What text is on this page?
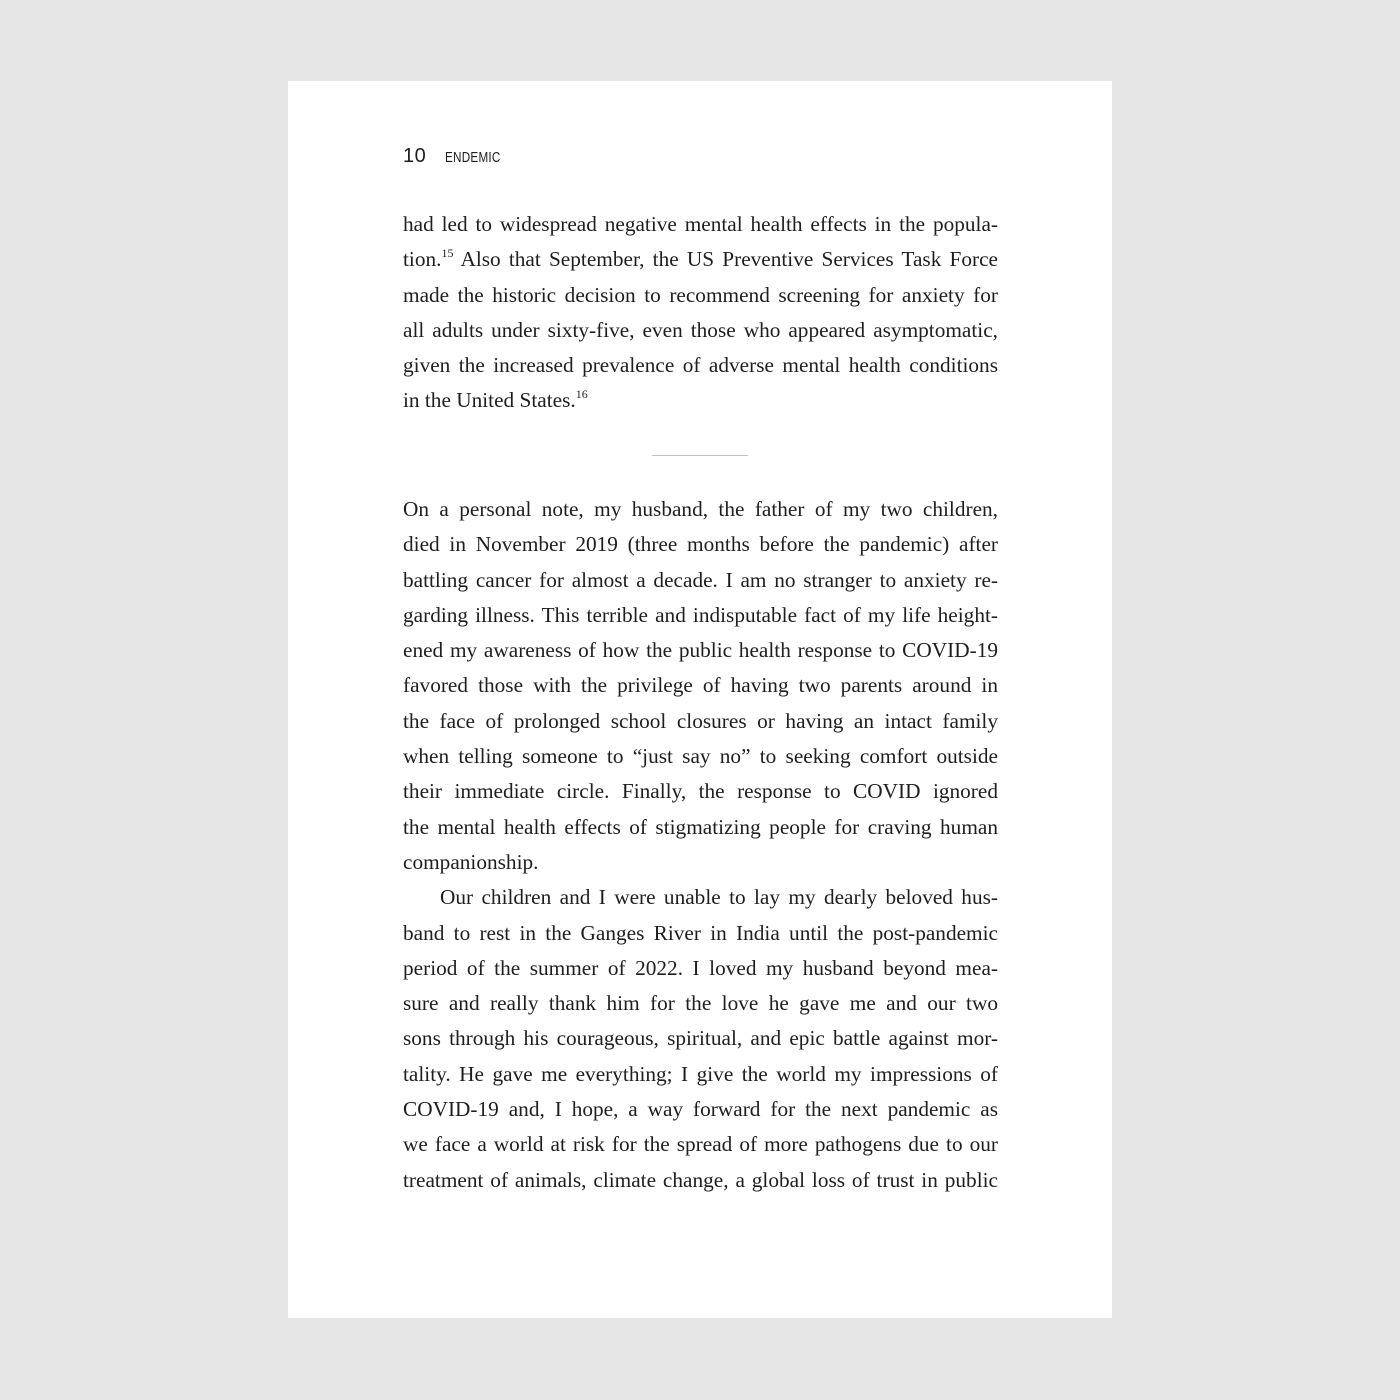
10 ENDEMIC

had led to widespread negative mental health effects in the popula-
tion.$^{15}$ Also that September, the US Preventive Services Task Force
made the historic decision to recommend screening for anxiety for
all adults under sixty-five, even those who appeared asymptomatic,
given the increased prevalence of adverse mental health conditions
in the United States.$^{16}$

On a personal note, my husband, the father of my two children,
died in November 2019 (three months before the pandemic) after
battling cancer for almost a decade. I am no stranger to anxiety re-
garding illness. This terrible and indisputable fact of my life height-
ened my awareness of how the public health response to COVID-19
favored those with the privilege of having two parents around in
the face of prolonged school closures or having an intact family
when telling someone to “just say no” to seeking comfort outside
their immediate circle. Finally, the response to COVID ignored
the mental health effects of stigmatizing people for craving human
companionship.

Our children and I were unable to lay my dearly beloved hus-
band to rest in the Ganges River in India until the post-pandemic
period of the summer of 2022. I loved my husband beyond mea-
sure and really thank him for the love he gave me and our two
sons through his courageous, spiritual, and epic battle against mor-
tality. He gave me everything; I give the world my impressions of
COVID-19 and, I hope, a way forward for the next pandemic as
we face a world at risk for the spread of more pathogens due to our
treatment of animals, climate change, a global loss of trust in public
